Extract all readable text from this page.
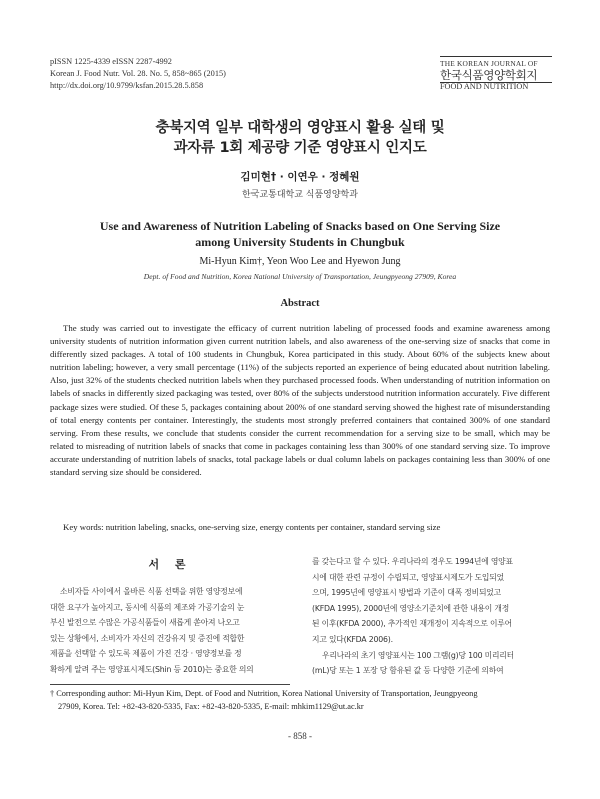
pISSN 1225-4339 eISSN 2287-4992
Korean J. Food Nutr. Vol. 28. No. 5, 858~865 (2015)
http://dx.doi.org/10.9799/ksfan.2015.28.5.858
THE KOREAN JOURNAL OF
한국식품영양학회지
FOOD AND NUTRITION
충북지역 일부 대학생의 영양표시 활용 실태 및
과자류 1회 제공량 기준 영양표시 인지도
김미현† · 이연우 · 정혜원
한국교통대학교 식품영양학과
Use and Awareness of Nutrition Labeling of Snacks based on One Serving Size
among University Students in Chungbuk
Mi-Hyun Kim†, Yeon Woo Lee and Hyewon Jung
Dept. of Food and Nutrition, Korea National University of Transportation, Jeungpyeong 27909, Korea
Abstract
The study was carried out to investigate the efficacy of current nutrition labeling of processed foods and examine awareness among university students of nutrition information given current nutrition labels, and also awareness of the one-serving size of snacks that come in differently sized packages. A total of 100 students in Chungbuk, Korea participated in this study. About 60% of the subjects knew about nutrition labeling; however, a very small percentage (11%) of the subjects reported an experience of being educated about nutrition labeling. Also, just 32% of the students checked nutrition labels when they purchased processed foods. When understanding of nutrition information on labels of snacks in differently sized packaging was tested, over 80% of the subjects understood nutrition information accurately. Five different package sizes were studied. Of these 5, packages containing about 200% of one standard serving showed the highest rate of misunderstanding of total energy contents per container. Interestingly, the students most strongly preferred containers that contained 300% of one standard serving. From these results, we conclude that students consider the current recommendation for a serving size to be small, which may be related to misreading of nutrition labels of snacks that come in packages containing less than 300% of one standard serving size. To improve accurate understanding of nutrition labels of snacks, total package labels or dual column labels on packages containing less than 300% of one standard serving size should be considered.
Key words: nutrition labeling, snacks, one-serving size, energy contents per container, standard serving size
서 론
소비자들 사이에서 올바른 식품 선택을 위한 영양정보에
대한 요구가 높아지고, 동시에 식품의 제조와 가공기술의 눈
부신 발전으로 수많은 가공식품들이 새롭게 쏟아져 나오고
있는 상황에서, 소비자가 자신의 건강유지 및 증진에 적합한
제품을 선택할 수 있도록 제품이 가진 건강 · 영양정보를 정
확하게 알려 주는 영양표시제도(Shin 등 2010)는 중요한 의의
를 갖는다고 할 수 있다. 우리나라의 경우도 1994년에 영양표
시에 대한 관련 규정이 수립되고, 영양표시제도가 도입되었
으며, 1995년에 영양표시 방법과 기준이 대폭 정비되었고
(KFDA 1995), 2000년에 영양소기준치에 관한 내용이 개정
된 이후(KFDA 2000), 추가적인 재개정이 지속적으로 이루어
지고 있다(KFDA 2006).
우리나라의 초기 영양표시는 100 그램(g)당 100 미리리터
(mL)당 또는 1 포장 당 함유된 값 등 다양한 기준에 의하여
† Corresponding author: Mi-Hyun Kim, Dept. of Food and Nutrition, Korea National University of Transportation, Jeungpyeong
27909, Korea. Tel: +82-43-820-5335, Fax: +82-43-820-5335, E-mail: mhkim1129@ut.ac.kr
- 858 -
